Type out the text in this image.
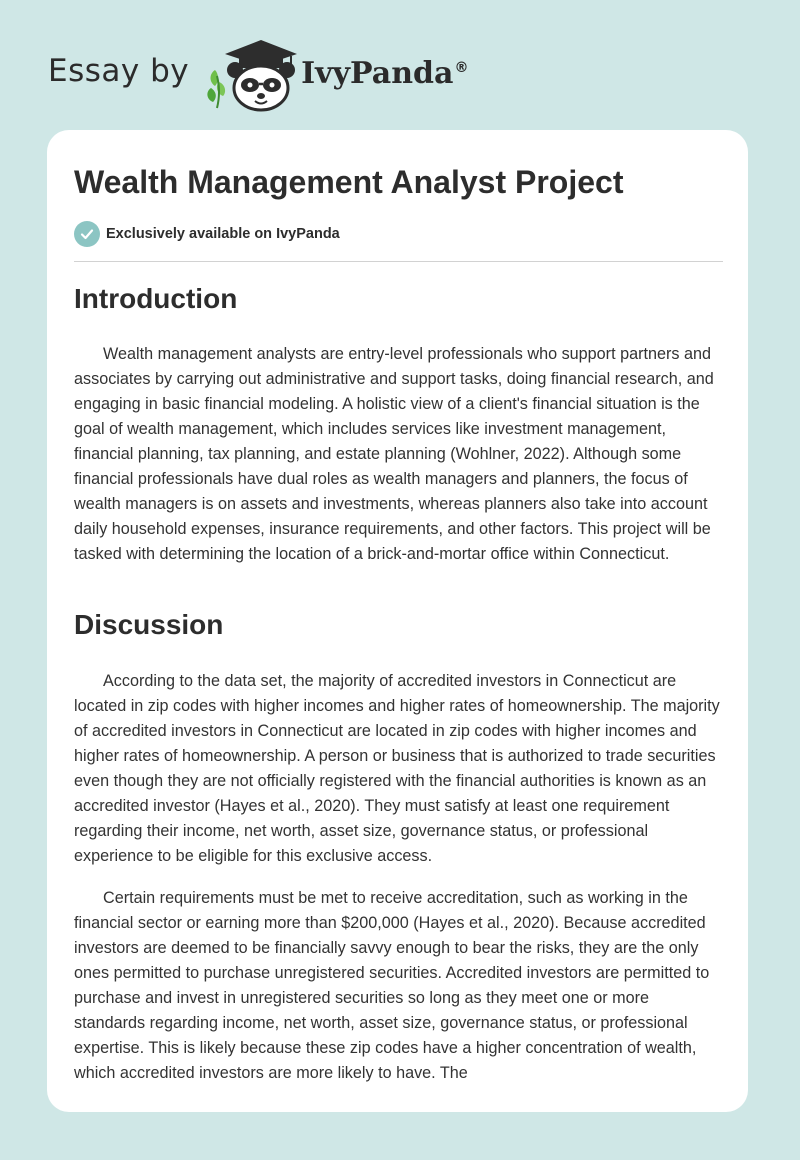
Essay by	IvyPanda®
Wealth Management Analyst Project
Exclusively available on IvyPanda
Introduction

Wealth management analysts are entry-level professionals who support partners and associates by carrying out administrative and support tasks, doing financial research, and engaging in basic financial modeling. A holistic view of a client's financial situation is the goal of wealth management, which includes services like investment management, financial planning, tax planning, and estate planning (Wohlner, 2022). Although some financial professionals have dual roles as wealth managers and planners, the focus of wealth managers is on assets and investments, whereas planners also take into account daily household expenses, insurance requirements, and other factors. This project will be tasked with determining the location of a brick-and-mortar office within Connecticut.

Discussion

According to the data set, the majority of accredited investors in Connecticut are located in zip codes with higher incomes and higher rates of homeownership. The majority of accredited investors in Connecticut are located in zip codes with higher incomes and higher rates of homeownership. A person or business that is authorized to trade securities even though they are not officially registered with the financial authorities is known as an accredited investor (Hayes et al., 2020). They must satisfy at least one requirement regarding their income, net worth, asset size, governance status, or professional experience to be eligible for this exclusive access.

Certain requirements must be met to receive accreditation, such as working in the financial sector or earning more than $200,000 (Hayes et al., 2020). Because accredited investors are deemed to be financially savvy enough to bear the risks, they are the only ones permitted to purchase unregistered securities. Accredited investors are permitted to purchase and invest in unregistered securities so long as they meet one or more standards regarding income, net worth, asset size, governance status, or professional expertise. This is likely because these zip codes have a higher concentration of wealth, which accredited investors are more likely to have. The
